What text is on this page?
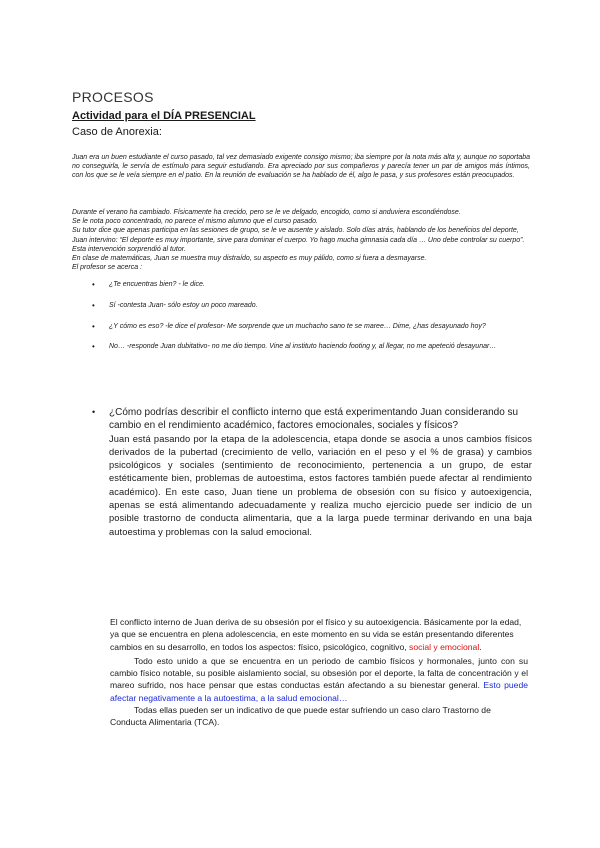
PROCESOS
Actividad para el DÍA PRESENCIAL
Caso de Anorexia:
Juan era un buen estudiante el curso pasado, tal vez demasiado exigente consigo mismo; iba siempre por la nota más alta y, aunque no soportaba no conseguirla, le servía de estímulo para seguir estudiando. Era apreciado por sus compañeros y parecía tener un par de amigos más íntimos, con los que se le veía siempre en el patio. En la reunión de evaluación se ha hablado de él, algo le pasa, y sus profesores están preocupados.
Durante el verano ha cambiado. Físicamente ha crecido, pero se le ve delgado, encogido, como si anduviera escondiéndose.
Se le nota poco concentrado, no parece el mismo alumno que el curso pasado.
Su tutor dice que apenas participa en las sesiones de grupo, se le ve ausente y aislado. Solo días atrás, hablando de los beneficios del deporte, Juan intervino: “El deporte es muy importante, sirve para dominar el cuerpo. Yo hago mucha gimnasia cada día … Uno debe controlar su cuerpo”. Esta intervención sorprendió al tutor.
En clase de matemáticas, Juan se muestra muy distraído, su aspecto es muy pálido, como si fuera a desmayarse.
El profesor se acerca :
• ¿Te encuentras bien? - le dice.
• Sí -contesta Juan- sólo estoy un poco mareado.
• ¿Y cómo es eso? -le dice el profesor- Me sorprende que un muchacho sano te se maree… Dime, ¿has desayunado hoy?
• No… -responde Juan dubitativo- no me dio tiempo. Vine al instituto haciendo footing y, al llegar, no me apeteció desayunar…
•	¿Cómo podrías describir el conflicto interno que está experimentando Juan considerando su cambio en el rendimiento académico, factores emocionales, sociales y físicos?
Juan está pasando por la etapa de la adolescencia, etapa donde se asocia a unos cambios físicos derivados de la pubertad (crecimiento de vello, variación en el peso y el % de grasa) y cambios psicológicos y sociales (sentimiento de reconocimiento, pertenencia a un grupo, de estar estéticamente bien, problemas de autoestima, estos factores también puede afectar al rendimiento académico). En este caso, Juan tiene un problema de obsesión con su físico y autoexigencia, apenas se está alimentando adecuadamente y realiza mucho ejercicio puede ser indicio de un posible trastorno de conducta alimentaria, que a la larga puede terminar derivando en una baja autoestima y problemas con la salud emocional.

El conflicto interno de Juan deriva de su obsesión por el físico y su autoexigencia. Básicamente por la edad, ya que se encuentra en plena adolescencia, en este momento en su vida se están presentando diferentes cambios en su desarrollo, en todos los aspectos: físico, psicológico, cognitivo, social y emocional.

Todo esto unido a que se encuentra en un periodo de cambio físicos y hormonales, junto con su cambio físico notable, su posible aislamiento social, su obsesión por el deporte, la falta de concentración y el mareo sufrido, nos hace pensar que estas conductas están afectando a su bienestar general. Esto puede afectar negativamente a la autoestima, a la salud emocional…

Todas ellas pueden ser un indicativo de que puede estar sufriendo un caso claro Trastorno de Conducta Alimentaria (TCA).
